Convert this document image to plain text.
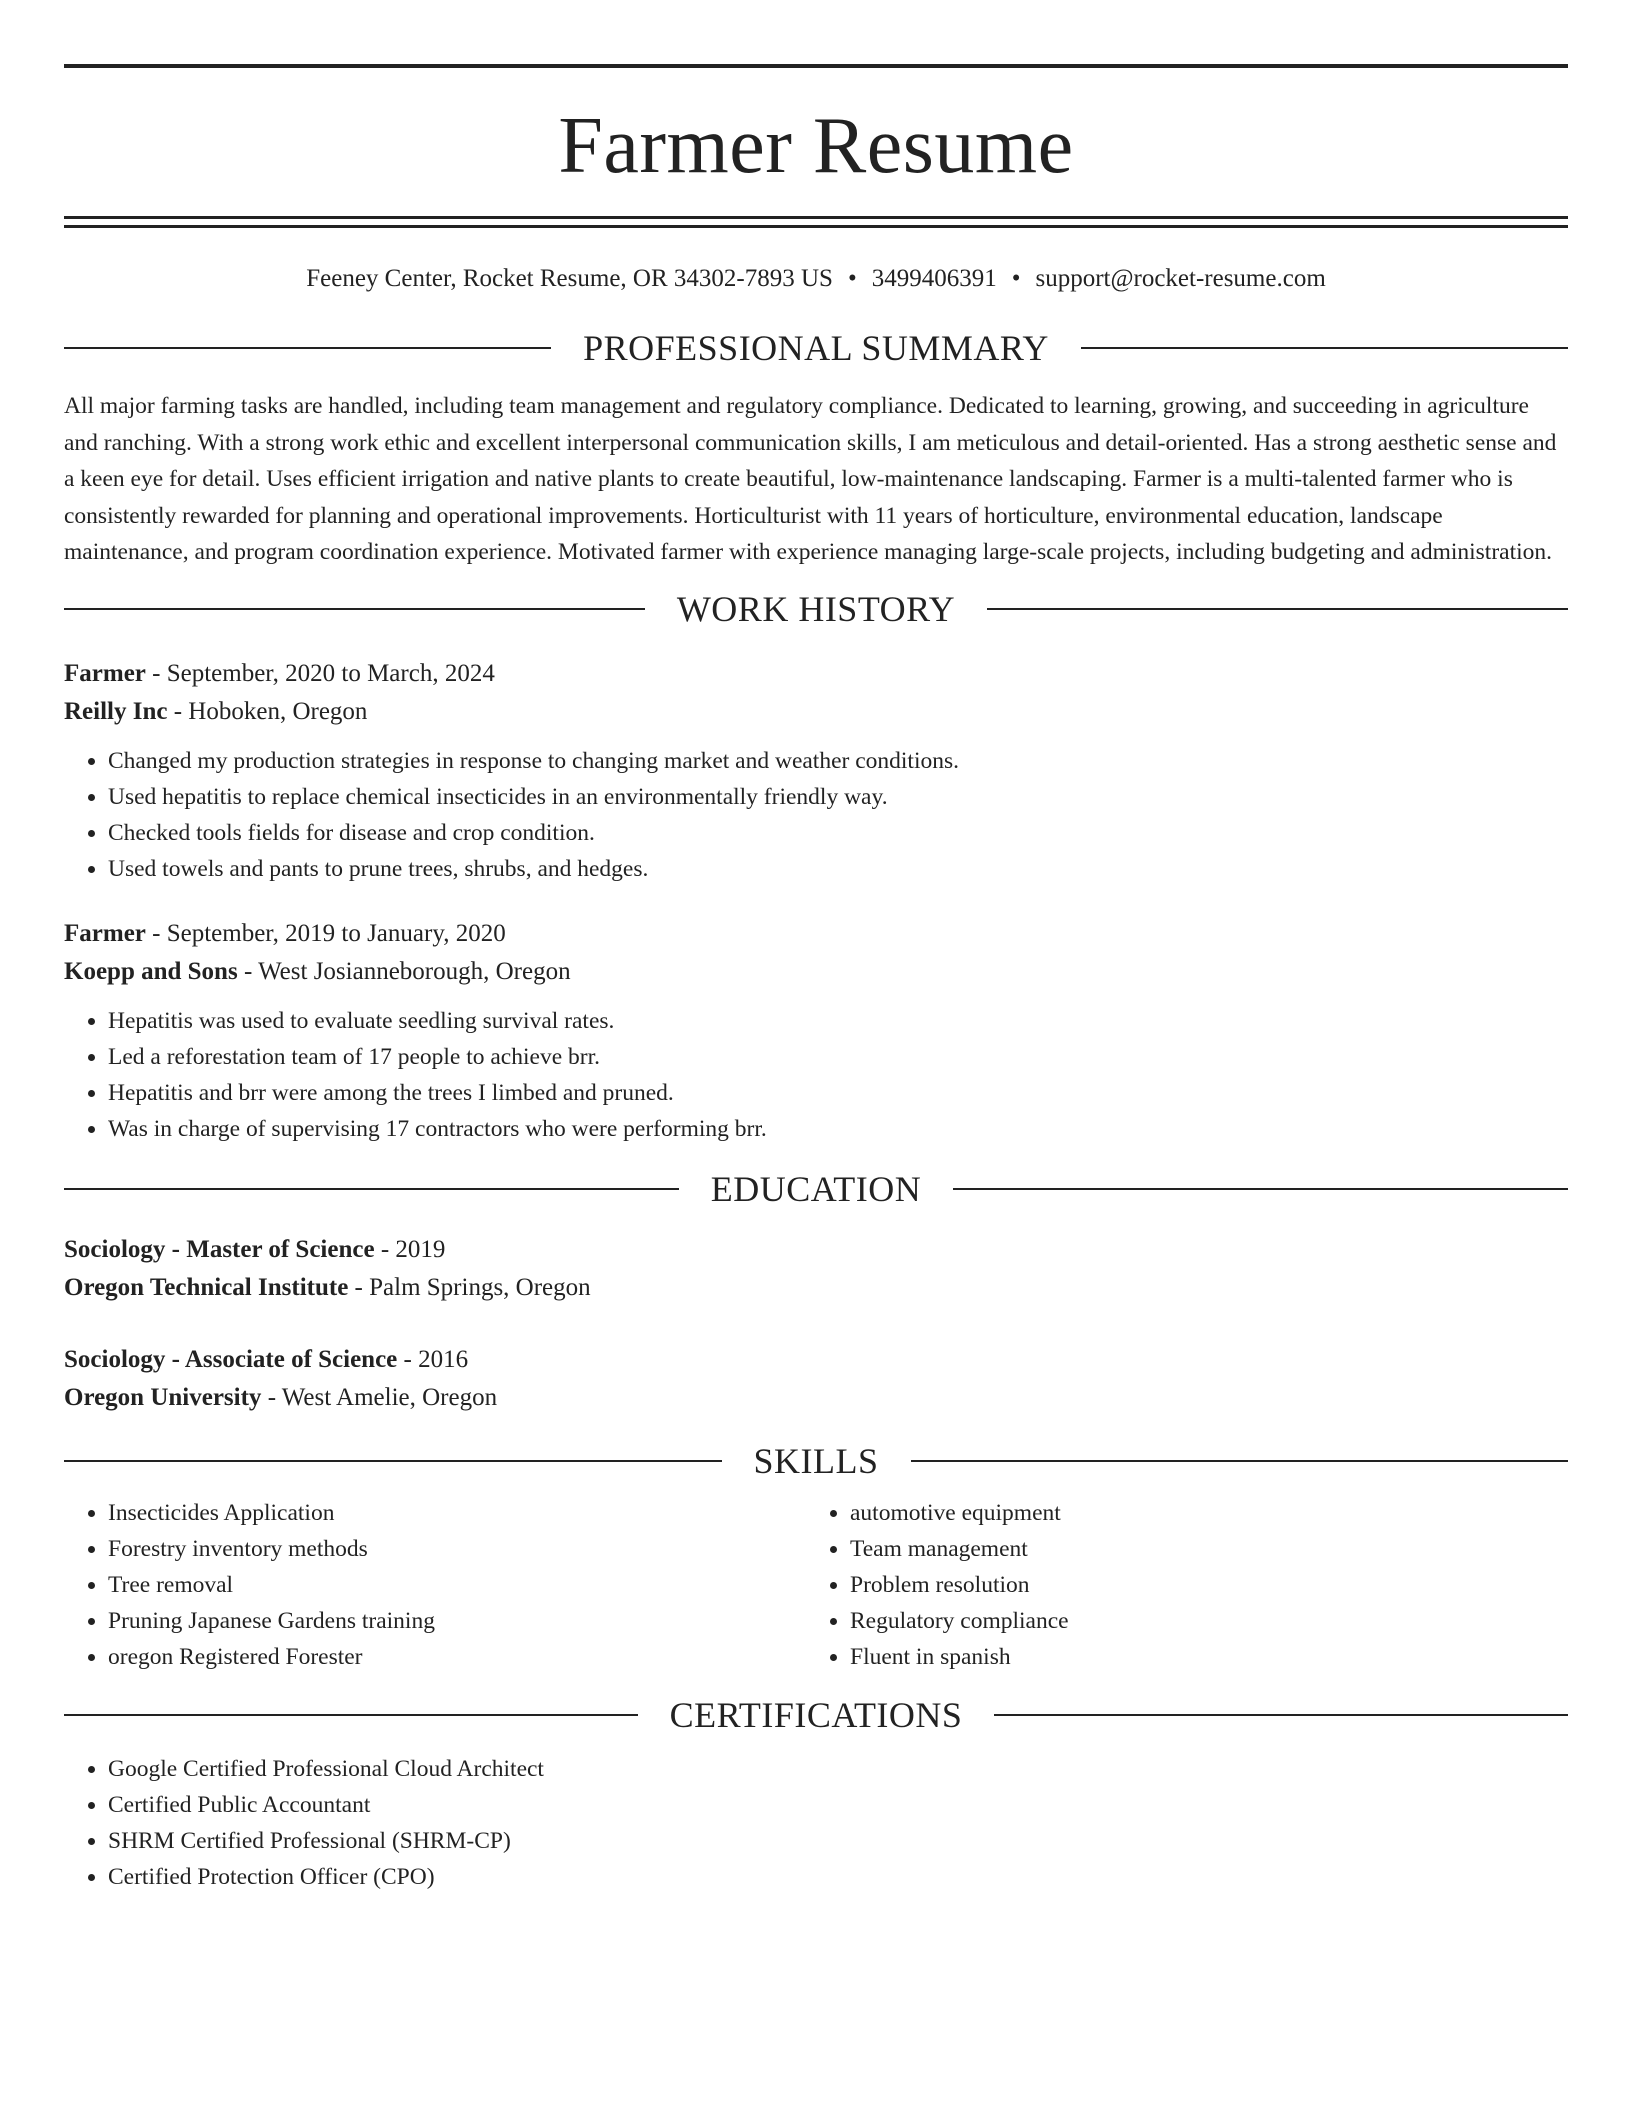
Farmer Resume
Feeney Center, Rocket Resume, OR 34302-7893 US • 3499406391 • support@rocket-resume.com
PROFESSIONAL SUMMARY

All major farming tasks are handled, including team management and regulatory compliance. Dedicated to learning, growing, and succeeding in agriculture and ranching. With a strong work ethic and excellent interpersonal communication skills, I am meticulous and detail-oriented. Has a strong aesthetic sense and a keen eye for detail. Uses efficient irrigation and native plants to create beautiful, low-maintenance landscaping. Farmer is a multi-talented farmer who is consistently rewarded for planning and operational improvements. Horticulturist with 11 years of horticulture, environmental education, landscape maintenance, and program coordination experience. Motivated farmer with experience managing large-scale projects, including budgeting and administration.

WORK HISTORY
Farmer - September, 2020 to March, 2024
Reilly Inc - Hoboken, Oregon
• Changed my production strategies in response to changing market and weather conditions.
• Used hepatitis to replace chemical insecticides in an environmentally friendly way.
• Checked tools fields for disease and crop condition.
• Used towels and pants to prune trees, shrubs, and hedges.
Farmer - September, 2019 to January, 2020
Koepp and Sons - West Josianneborough, Oregon
• Hepatitis was used to evaluate seedling survival rates.
• Led a reforestation team of 17 people to achieve brr.
• Hepatitis and brr were among the trees I limbed and pruned.
• Was in charge of supervising 17 contractors who were performing brr.
EDUCATION
Sociology - Master of Science - 2019
Oregon Technical Institute - Palm Springs, Oregon
Sociology - Associate of Science - 2016
Oregon University - West Amelie, Oregon
SKILLS
• Insecticides Application
• Forestry inventory methods
• Tree removal
• Pruning Japanese Gardens training
• oregon Registered Forester
• automotive equipment
• Team management
• Problem resolution
• Regulatory compliance
• Fluent in spanish
CERTIFICATIONS
• Google Certified Professional Cloud Architect
• Certified Public Accountant
• SHRM Certified Professional (SHRM-CP)
• Certified Protection Officer (CPO)
